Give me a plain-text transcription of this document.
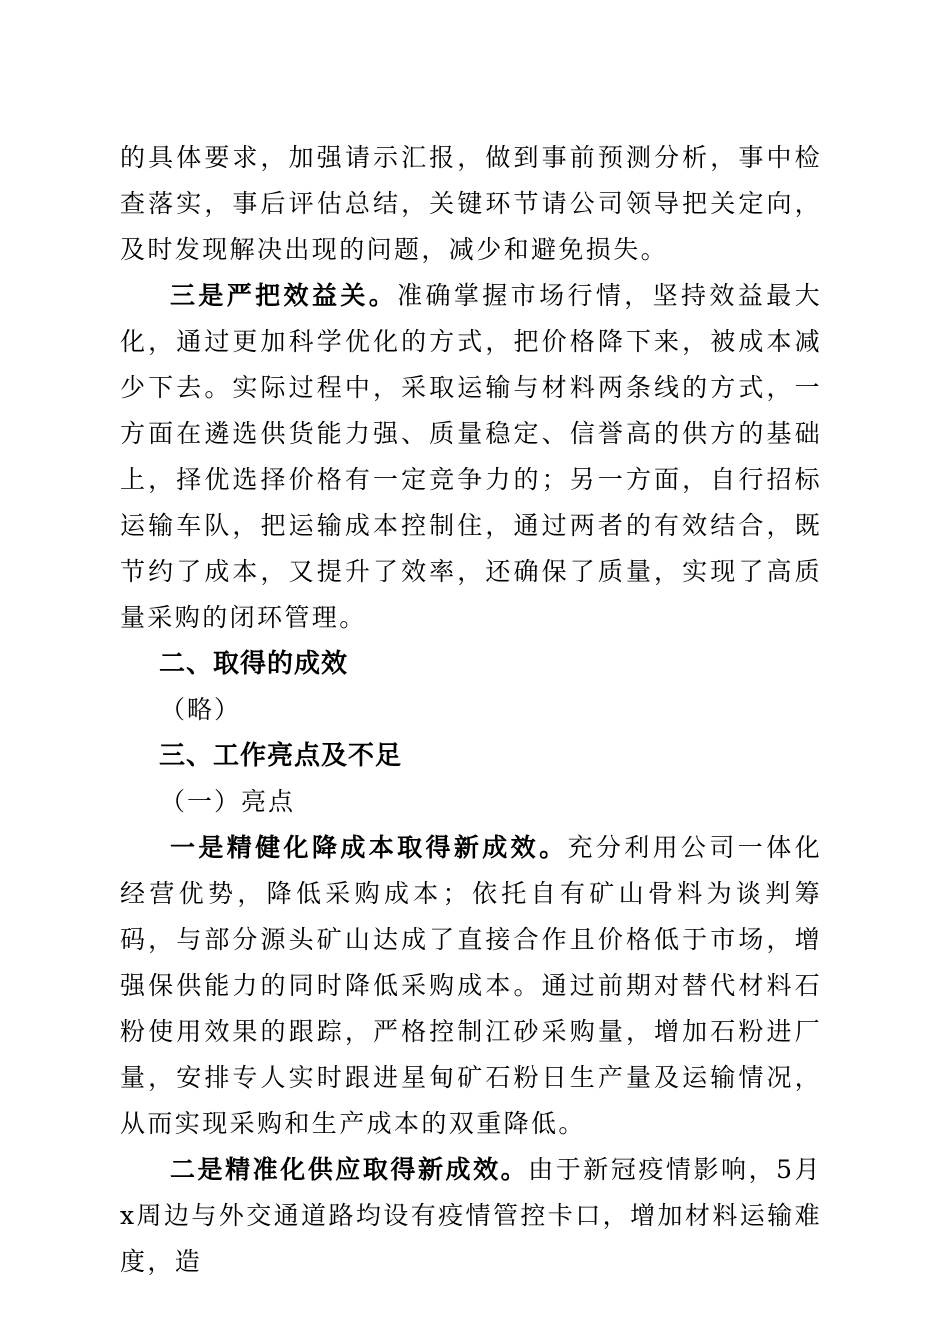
的具体要求，加强请示汇报，做到事前预测分析，事中检查落实，事后评估总结，关键环节请公司领导把关定向，及时发现解决出现的问题，减少和避免损失。

三是严把效益关。准确掌握市场行情，坚持效益最大化，通过更加科学优化的方式，把价格降下来，被成本减少下去。实际过程中，采取运输与材料两条线的方式，一方面在遴选供货能力强、质量稳定、信誉高的供方的基础上，择优选择价格有一定竞争力的；另一方面，自行招标运输车队，把运输成本控制住，通过两者的有效结合，既节约了成本，又提升了效率，还确保了质量，实现了高质量采购的闭环管理。

二、取得的成效

（略）

三、工作亮点及不足

（一）亮点

一是精健化降成本取得新成效。充分利用公司一体化经营优势，降低采购成本；依托自有矿山骨料为谈判筹码，与部分源头矿山达成了直接合作且价格低于市场，增强保供能力的同时降低采购成本。通过前期对替代材料石粉使用效果的跟踪，严格控制江砂采购量，增加石粉进厂量，安排专人实时跟进星甸矿石粉日生产量及运输情况，从而实现采购和生产成本的双重降低。

二是精准化供应取得新成效。由于新冠疫情影响，5月x周边与外交通道路均设有疫情管控卡口，增加材料运输难度，造
